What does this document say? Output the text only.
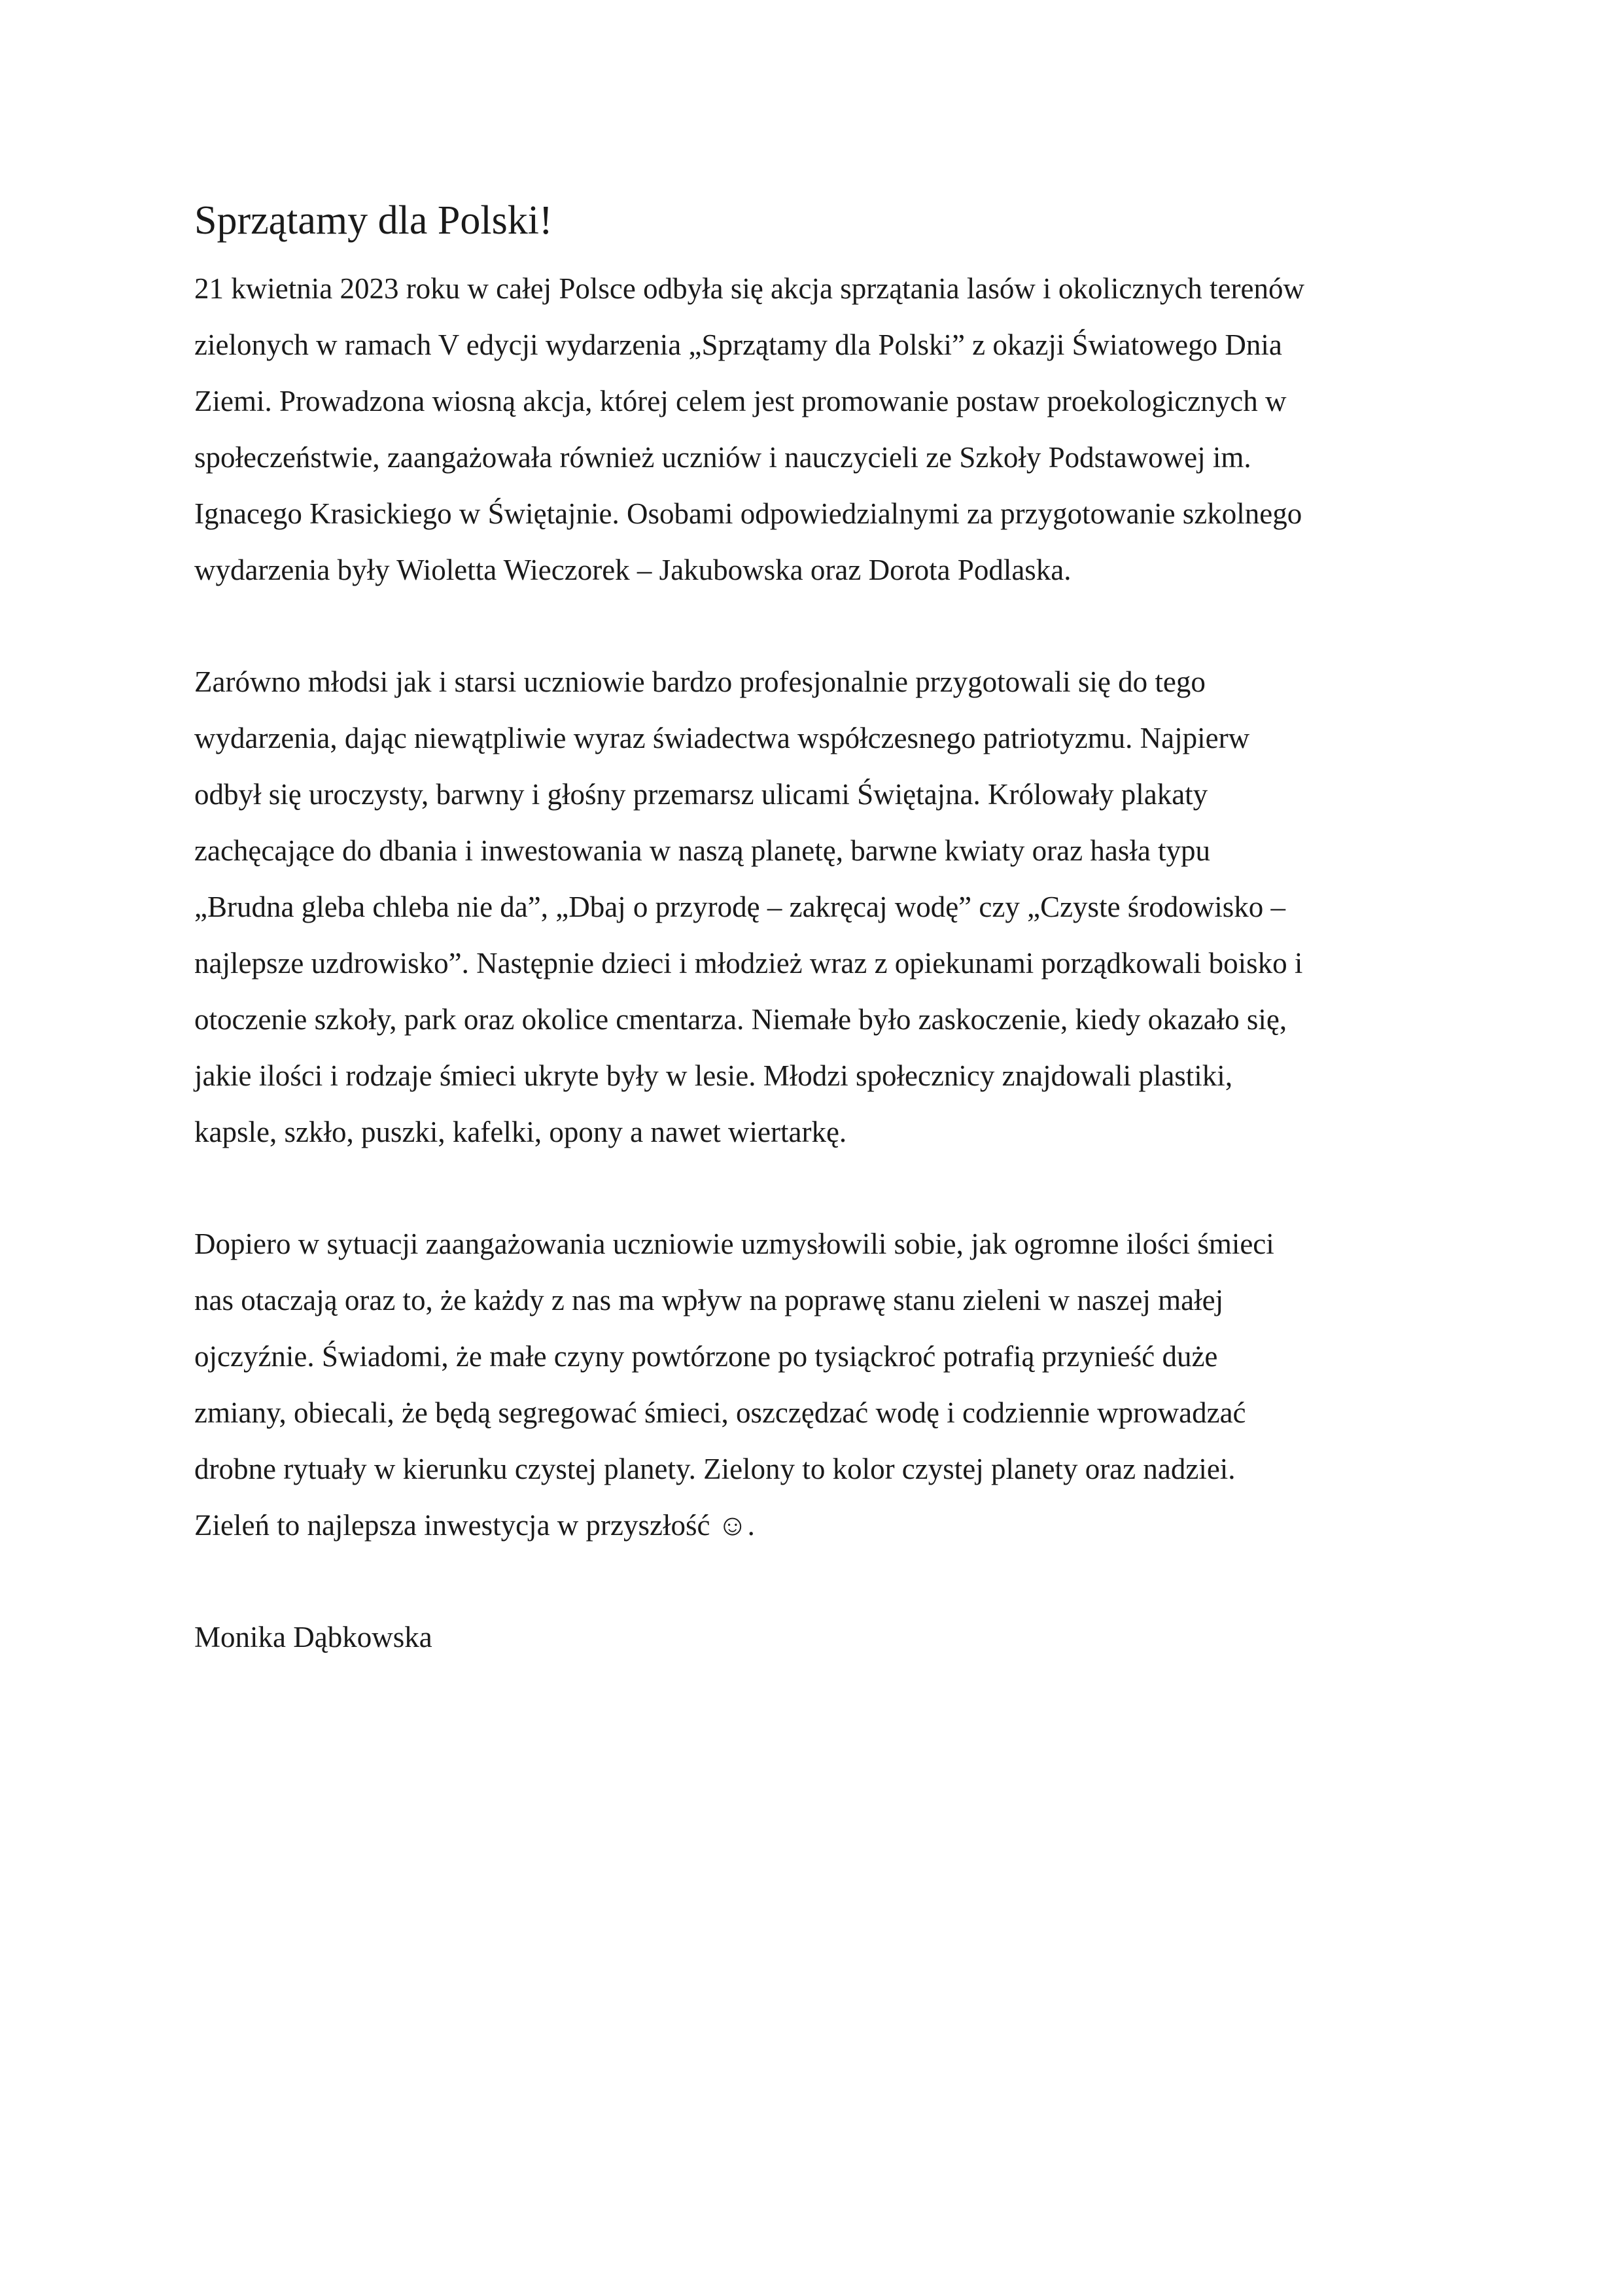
Sprzątamy dla Polski!
21 kwietnia 2023 roku w całej Polsce odbyła się akcja sprzątania lasów i okolicznych terenów
zielonych w ramach V edycji wydarzenia „Sprzątamy dla Polski” z okazji Światowego Dnia
Ziemi. Prowadzona wiosną akcja, której celem jest promowanie postaw proekologicznych w
społeczeństwie, zaangażowała również uczniów i nauczycieli ze Szkoły Podstawowej im.
Ignacego Krasickiego w Świętajnie. Osobami odpowiedzialnymi za przygotowanie szkolnego
wydarzenia były Wioletta Wieczorek – Jakubowska oraz Dorota Podlaska.
Zarówno młodsi jak i starsi uczniowie bardzo profesjonalnie przygotowali się do tego
wydarzenia, dając niewątpliwie wyraz świadectwa współczesnego patriotyzmu. Najpierw
odbył się uroczysty, barwny i głośny przemarsz ulicami Świętajna. Królowały plakaty
zachęcające do dbania i inwestowania w naszą planetę, barwne kwiaty oraz hasła typu
„Brudna gleba chleba nie da”, „Dbaj o przyrodę – zakręcaj wodę” czy „Czyste środowisko –
najlepsze uzdrowisko”. Następnie dzieci i młodzież wraz z opiekunami porządkowali boisko i
otoczenie szkoły, park oraz okolice cmentarza. Niemałe było zaskoczenie, kiedy okazało się,
jakie ilości i rodzaje śmieci ukryte były w lesie. Młodzi społecznicy znajdowali plastiki,
kapsle, szkło, puszki, kafelki, opony a nawet wiertarkę.
Dopiero w sytuacji zaangażowania uczniowie uzmysłowili sobie, jak ogromne ilości śmieci
nas otaczają oraz to, że każdy z nas ma wpływ na poprawę stanu zieleni w naszej małej
ojczyźnie. Świadomi, że małe czyny powtórzone po tysiąckroć potrafią przynieść duże
zmiany, obiecali, że będą segregować śmieci, oszczędzać wodę i codziennie wprowadzać
drobne rytuały w kierunku czystej planety. Zielony to kolor czystej planety oraz nadziei.
Zieleń to najlepsza inwestycja w przyszłość ☺.

Monika Dąbkowska
